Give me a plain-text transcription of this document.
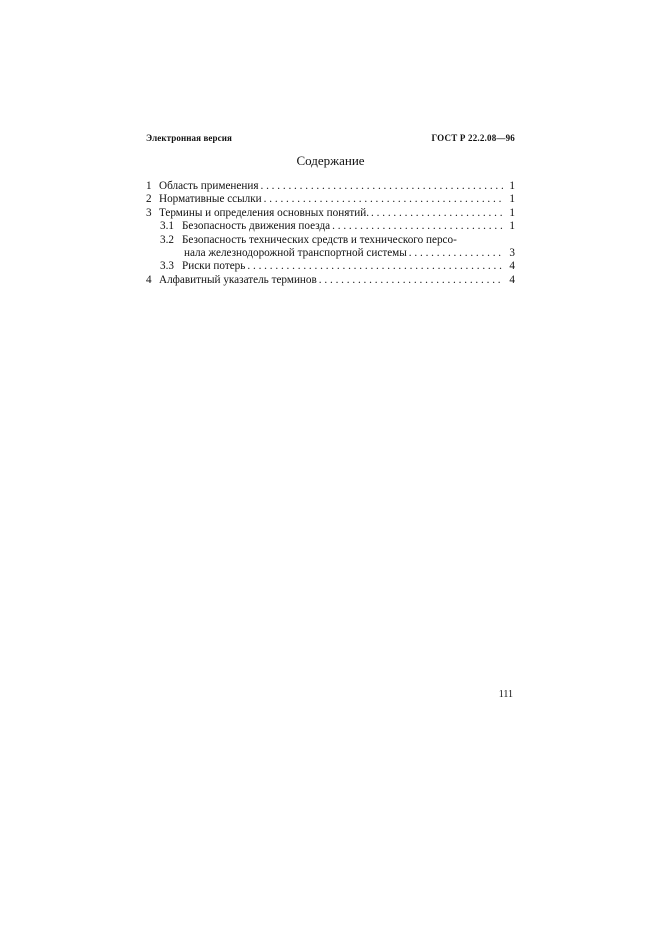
Электронная версия	ГОСТ Р 22.2.08—96
Содержание
1 Область применения . . .	1
2 Нормативные ссылки . . .	1
3 Термины и определения основных понятий. . . .	1
3.1 Безопасность движения поезда . . .	1
3.2 Безопасность технических средств и технического персо-
нала железнодорожной транспортной системы . . .	3
3.3 Риски потерь . . .	4
4 Алфавитный указатель терминов . . .	4
111
